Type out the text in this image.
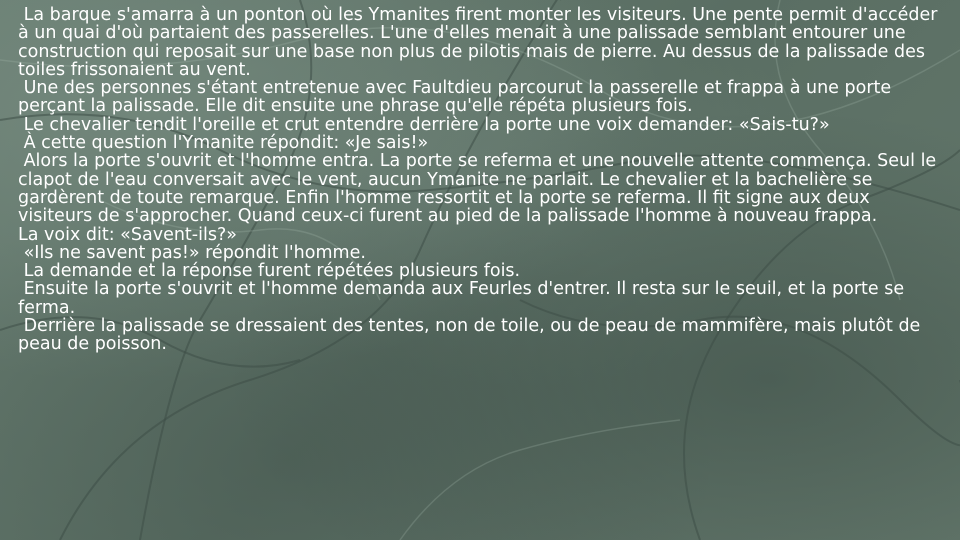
La barque s'amarra à un ponton où les Ymanites firent monter les visiteurs. Une pente permit d'accéder à un quai d'où partaient des passerelles. L'une d'elles menait à une palissade semblant entourer une construction qui reposait sur une base non plus de pilotis mais de pierre. Au dessus de la palissade des toiles frissonaient au vent.

Une des personnes s'étant entretenue avec Faultdieu parcourut la passerelle et frappa à une porte perçant la palissade. Elle dit ensuite une phrase qu'elle répéta plusieurs fois.

Le chevalier tendit l'oreille et crut entendre derrière la porte une voix demander: «Sais-tu?»

À cette question l'Ymanite répondit: «Je sais!»

Alors la porte s'ouvrit et l'homme entra. La porte se referma et une nouvelle attente commença. Seul le clapot de l'eau conversait avec le vent, aucun Ymanite ne parlait. Le chevalier et la bachelière se gardèrent de toute remarque. Enfin l'homme ressortit et la porte se referma. Il fit signe aux deux visiteurs de s'approcher. Quand ceux-ci furent au pied de la palissade l'homme à nouveau frappa.

La voix dit: «Savent-ils?»

«Ils ne savent pas!» répondit l'homme.

La demande et la réponse furent répétées plusieurs fois.

Ensuite la porte s'ouvrit et l'homme demanda aux Feurles d'entrer. Il resta sur le seuil, et la porte se ferma.

Derrière la palissade se dressaient des tentes, non de toile, ou de peau de mammifère, mais plutôt de peau de poisson.
